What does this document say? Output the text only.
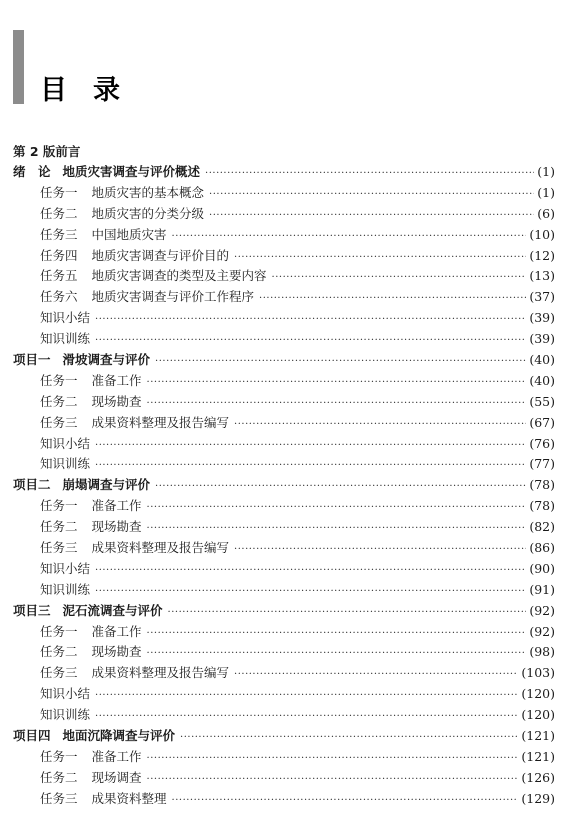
目录
第 2 版前言
绪　论 地质灾害调查与评价概述 ·····	(1)
任务一 地质灾害的基本概念 ·····	(1)
任务二 地质灾害的分类分级 ·····	(6)
任务三 中国地质灾害 ·····	(10)
任务四 地质灾害调查与评价目的 ·····	(12)
任务五 地质灾害调查的类型及主要内容 ·····	(13)
任务六 地质灾害调查与评价工作程序 ·····	(37)
知识小结 ·····	(39)
知识训练 ·····	(39)
项目一 滑坡调查与评价 ·····	(40)
任务一 准备工作 ·····	(40)
任务二 现场勘查 ·····	(55)
任务三 成果资料整理及报告编写 ·····	(67)
知识小结 ·····	(76)
知识训练 ·····	(77)
项目二 崩塌调查与评价 ·····	(78)
任务一 准备工作 ·····	(78)
任务二 现场勘查 ·····	(82)
任务三 成果资料整理及报告编写 ·····	(86)
知识小结 ·····	(90)
知识训练 ·····	(91)
项目三 泥石流调查与评价 ·····	(92)
任务一 准备工作 ·····	(92)
任务二 现场勘查 ·····	(98)
任务三 成果资料整理及报告编写 ·····	(103)
知识小结 ·····	(120)
知识训练 ·····	(120)
项目四 地面沉降调查与评价 ·····	(121)
任务一 准备工作 ·····	(121)
任务二 现场调查 ·····	(126)
任务三 成果资料整理 ·····	(129)
